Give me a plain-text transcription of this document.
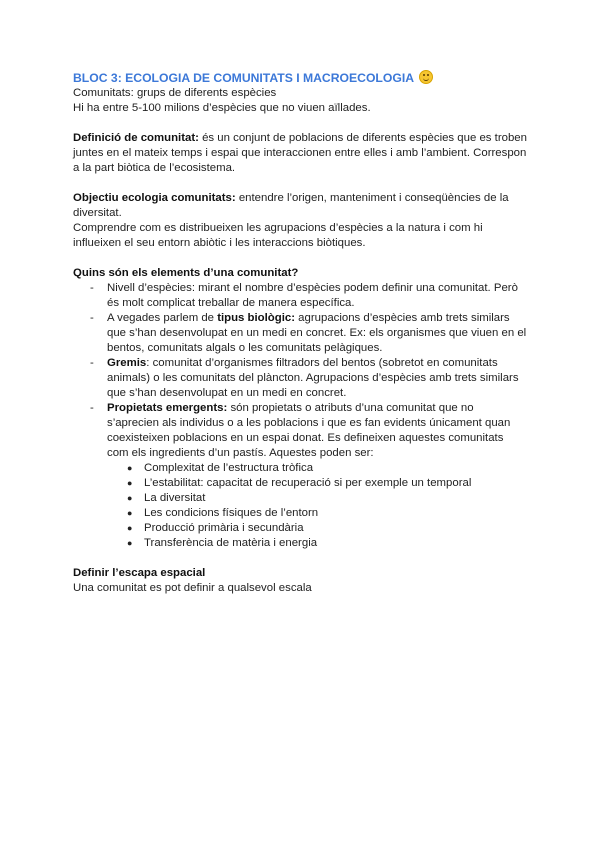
BLOC 3: ECOLOGIA DE COMUNITATS I MACROECOLOGIA

Comunitats: grups de diferents espècies

Hi ha entre 5-100 milions d’espècies que no viuen aïllades.

Definició de comunitat: és un conjunt de poblacions de diferents espècies que es troben juntes en el mateix temps i espai que interaccionen entre elles i amb l’ambient. Correspon a la part biòtica de l’ecosistema.

Objectiu ecologia comunitats: entendre l’origen, manteniment i conseqüències de la diversitat.

Comprendre com es distribueixen les agrupacions d’espècies a la natura i com hi influeixen el seu entorn abiòtic i les interaccions biòtiques.

Quins són els elements d’una comunitat?

- Nivell d’espècies: mirant el nombre d’espècies podem definir una comunitat. Però és molt complicat treballar de manera específica.
- A vegades parlem de tipus biològic: agrupacions d’espècies amb trets similars que s’han desenvolupat en un medi en concret. Ex: els organismes que viuen en el bentos, comunitats algals o les comunitats pelàgiques.
- Gremis: comunitat d’organismes filtradors del bentos (sobretot en comunitats animals) o les comunitats del plàncton. Agrupacions d’espècies amb trets similars que s’han desenvolupat en un medi en concret.
- Propietats emergents: són propietats o atributs d’una comunitat que no s’aprecien als individus o a les poblacions i que es fan evidents únicament quan coexisteixen poblacions en un espai donat. Es defineixen aquestes comunitats com els ingredients d’un pastís. Aquestes poden ser:
● Complexitat de l’estructura tròfica
● L’estabilitat: capacitat de recuperació si per exemple un temporal
● La diversitat
● Les condicions físiques de l’entorn
● Producció primària i secundària
● Transferència de matèria i energia

Definir l’escapa espacial

Una comunitat es pot definir a qualsevol escala
